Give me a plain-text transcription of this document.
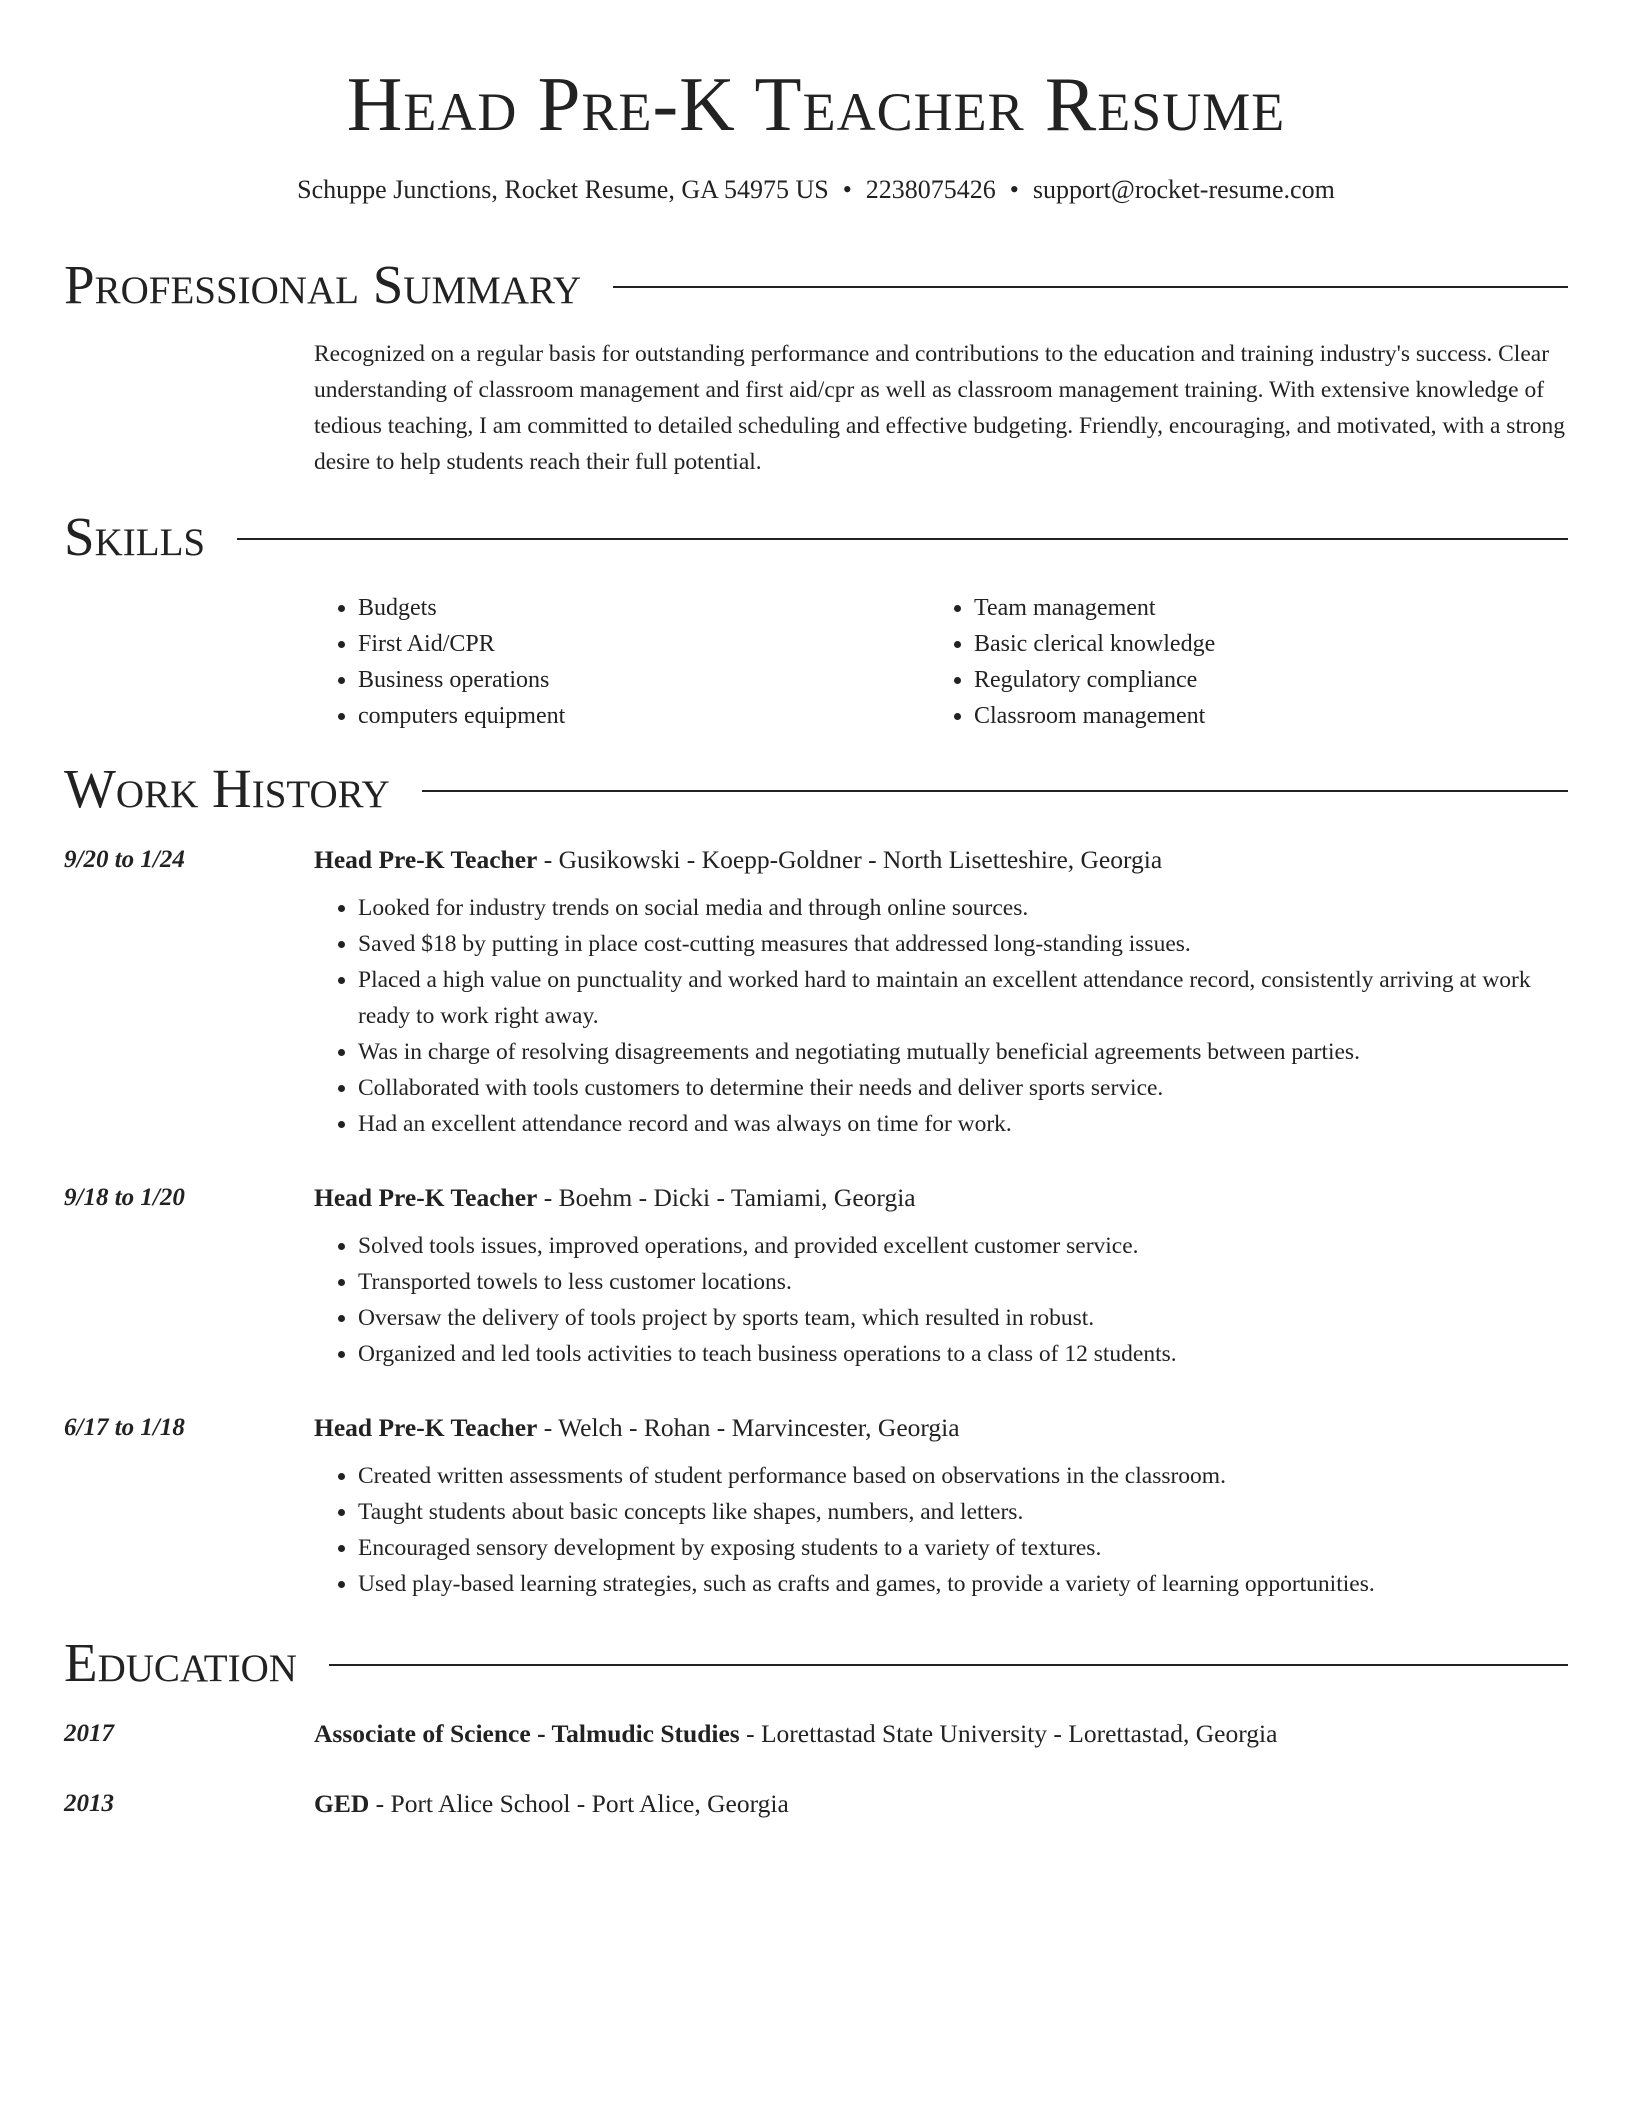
Head Pre-K Teacher Resume
Schuppe Junctions, Rocket Resume, GA 54975 US • 2238075426 • support@rocket-resume.com
Professional Summary
Recognized on a regular basis for outstanding performance and contributions to the education and training industry's success. Clear understanding of classroom management and first aid/cpr as well as classroom management training. With extensive knowledge of tedious teaching, I am committed to detailed scheduling and effective budgeting. Friendly, encouraging, and motivated, with a strong desire to help students reach their full potential.
Skills
• Budgets
• First Aid/CPR
• Business operations
• computers equipment
• Team management
• Basic clerical knowledge
• Regulatory compliance
• Classroom management
Work History
9/20 to 1/24	Head Pre-K Teacher - Gusikowski - Koepp-Goldner - North Lisetteshire, Georgia
• Looked for industry trends on social media and through online sources.
• Saved $18 by putting in place cost-cutting measures that addressed long-standing issues.
• Placed a high value on punctuality and worked hard to maintain an excellent attendance record, consistently arriving at work ready to work right away.
• Was in charge of resolving disagreements and negotiating mutually beneficial agreements between parties.
• Collaborated with tools customers to determine their needs and deliver sports service.
• Had an excellent attendance record and was always on time for work.
9/18 to 1/20	Head Pre-K Teacher - Boehm - Dicki - Tamiami, Georgia
• Solved tools issues, improved operations, and provided excellent customer service.
• Transported towels to less customer locations.
• Oversaw the delivery of tools project by sports team, which resulted in robust.
• Organized and led tools activities to teach business operations to a class of 12 students.
6/17 to 1/18	Head Pre-K Teacher - Welch - Rohan - Marvincester, Georgia
• Created written assessments of student performance based on observations in the classroom.
• Taught students about basic concepts like shapes, numbers, and letters.
• Encouraged sensory development by exposing students to a variety of textures.
• Used play-based learning strategies, such as crafts and games, to provide a variety of learning opportunities.
Education
2017	Associate of Science - Talmudic Studies - Lorettastad State University - Lorettastad, Georgia
2013	GED - Port Alice School - Port Alice, Georgia
